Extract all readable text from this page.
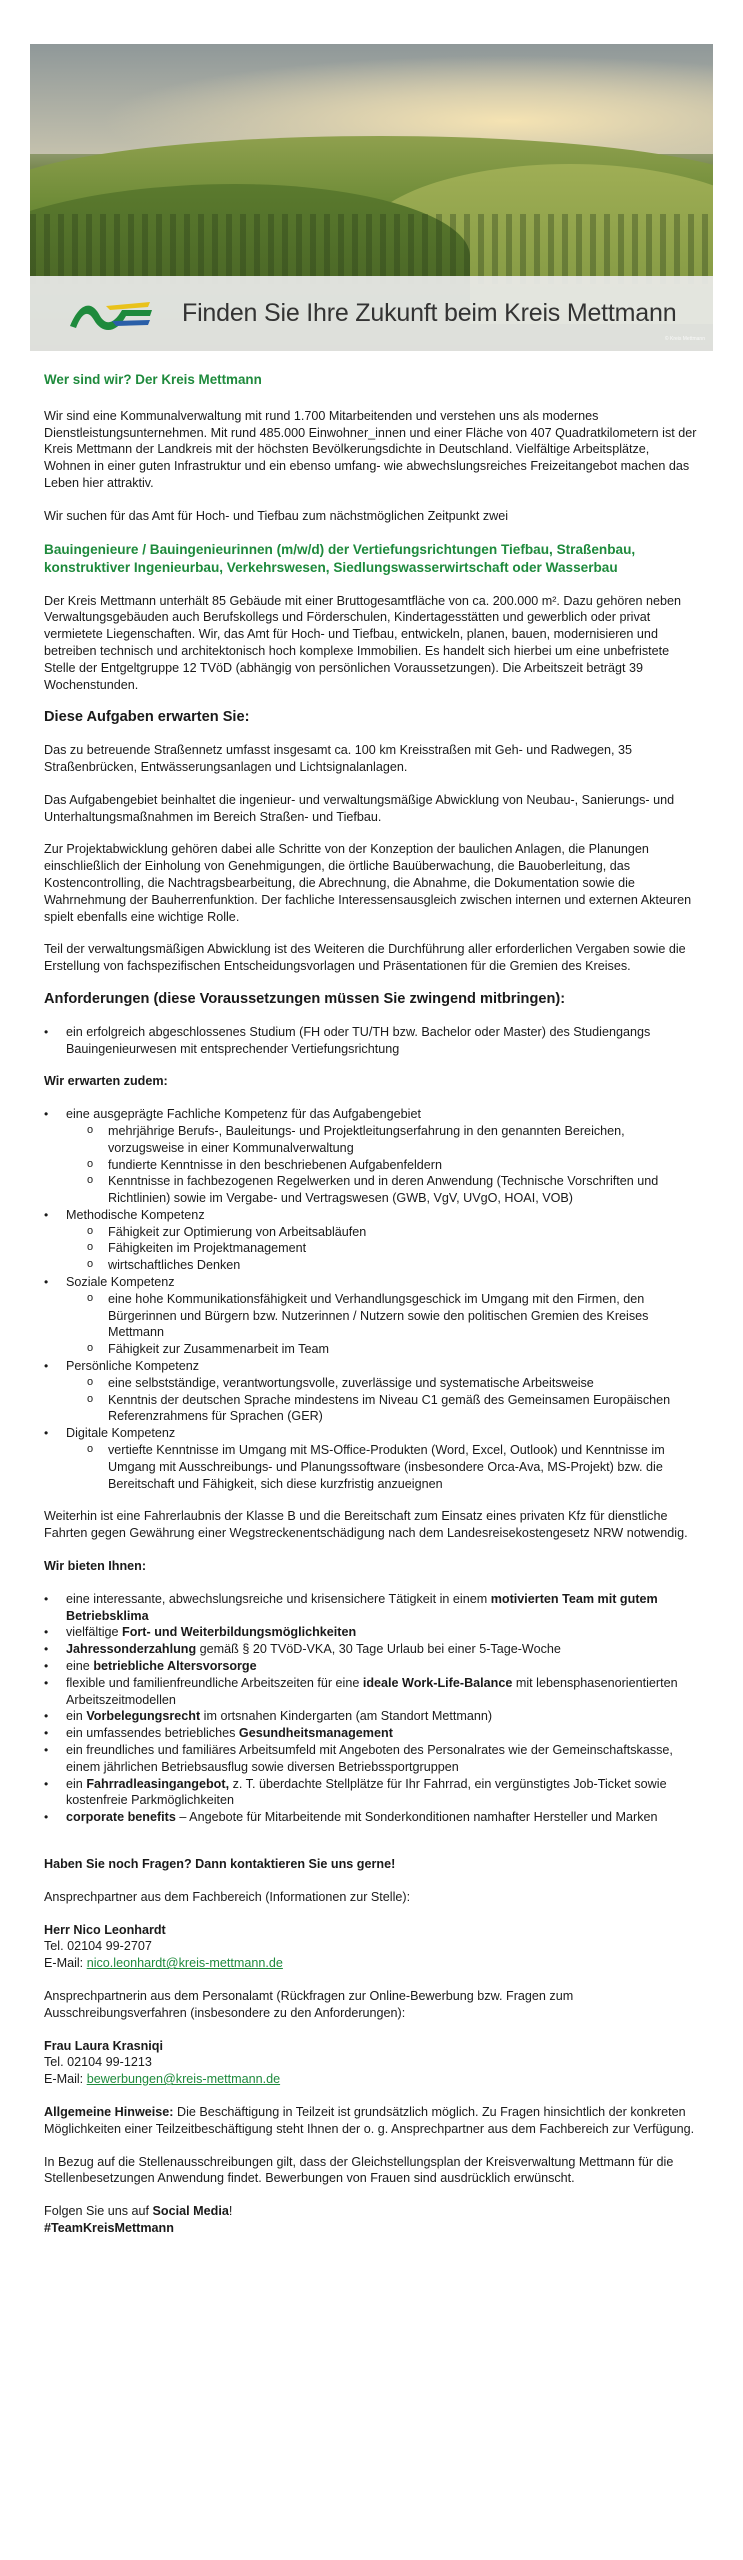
Finden Sie Ihre Zukunft beim Kreis Mettmann
© Kreis Mettmann

Wer sind wir? Der Kreis Mettmann

Wir sind eine Kommunalverwaltung mit rund 1.700 Mitarbeitenden und verstehen uns als modernes Dienstleistungsunternehmen. Mit rund 485.000 Einwohner_innen und einer Fläche von 407 Quadratkilometern ist der Kreis Mettmann der Landkreis mit der höchsten Bevölkerungsdichte in Deutschland. Vielfältige Arbeitsplätze, Wohnen in einer guten Infrastruktur und ein ebenso umfang- wie abwechslungsreiches Freizeitangebot machen das Leben hier attraktiv.

Wir suchen für das Amt für Hoch- und Tiefbau zum nächstmöglichen Zeitpunkt zwei

Bauingenieure / Bauingenieurinnen (m/w/d) der Vertiefungsrichtungen Tiefbau, Straßenbau, konstruktiver Ingenieurbau, Verkehrswesen, Siedlungswasserwirtschaft oder Wasserbau

Der Kreis Mettmann unterhält 85 Gebäude mit einer Bruttogesamtfläche von ca. 200.000 m². Dazu gehören neben Verwaltungsgebäuden auch Berufskollegs und Förderschulen, Kindertagesstätten und gewerblich oder privat vermietete Liegenschaften. Wir, das Amt für Hoch- und Tiefbau, entwickeln, planen, bauen, modernisieren und betreiben technisch und architektonisch hoch komplexe Immobilien. Es handelt sich hierbei um eine unbefristete Stelle der Entgeltgruppe 12 TVöD (abhängig von persönlichen Voraussetzungen). Die Arbeitszeit beträgt 39 Wochenstunden.

Diese Aufgaben erwarten Sie:

Das zu betreuende Straßennetz umfasst insgesamt ca. 100 km Kreisstraßen mit Geh- und Radwegen, 35 Straßenbrücken, Entwässerungsanlagen und Lichtsignalanlagen.

Das Aufgabengebiet beinhaltet die ingenieur- und verwaltungsmäßige Abwicklung von Neubau-, Sanierungs- und Unterhaltungsmaßnahmen im Bereich Straßen- und Tiefbau.

Zur Projektabwicklung gehören dabei alle Schritte von der Konzeption der baulichen Anlagen, die Planungen einschließlich der Einholung von Genehmigungen, die örtliche Bauüberwachung, die Bauoberleitung, das Kostencontrolling, die Nachtragsbearbeitung, die Abrechnung, die Abnahme, die Dokumentation sowie die Wahrnehmung der Bauherrenfunktion. Der fachliche Interessensausgleich zwischen internen und externen Akteuren spielt ebenfalls eine wichtige Rolle.

Teil der verwaltungsmäßigen Abwicklung ist des Weiteren die Durchführung aller erforderlichen Vergaben sowie die Erstellung von fachspezifischen Entscheidungsvorlagen und Präsentationen für die Gremien des Kreises.

Anforderungen (diese Voraussetzungen müssen Sie zwingend mitbringen):

• ein erfolgreich abgeschlossenes Studium (FH oder TU/TH bzw. Bachelor oder Master) des Studiengangs Bauingenieurwesen mit entsprechender Vertiefungsrichtung

Wir erwarten zudem:

• eine ausgeprägte Fachliche Kompetenz für das Aufgabengebiet
o mehrjährige Berufs-, Bauleitungs- und Projektleitungserfahrung in den genannten Bereichen, vorzugsweise in einer Kommunalverwaltung
o fundierte Kenntnisse in den beschriebenen Aufgabenfeldern
o Kenntnisse in fachbezogenen Regelwerken und in deren Anwendung (Technische Vorschriften und Richtlinien) sowie im Vergabe- und Vertragswesen (GWB, VgV, UVgO, HOAI, VOB)
• Methodische Kompetenz
o Fähigkeit zur Optimierung von Arbeitsabläufen
o Fähigkeiten im Projektmanagement
o wirtschaftliches Denken
• Soziale Kompetenz
o eine hohe Kommunikationsfähigkeit und Verhandlungsgeschick im Umgang mit den Firmen, den Bürgerinnen und Bürgern bzw. Nutzerinnen / Nutzern sowie den politischen Gremien des Kreises Mettmann
o Fähigkeit zur Zusammenarbeit im Team
• Persönliche Kompetenz
o eine selbstständige, verantwortungsvolle, zuverlässige und systematische Arbeitsweise
o Kenntnis der deutschen Sprache mindestens im Niveau C1 gemäß des Gemeinsamen Europäischen Referenzrahmens für Sprachen (GER)
• Digitale Kompetenz
o vertiefte Kenntnisse im Umgang mit MS-Office-Produkten (Word, Excel, Outlook) und Kenntnisse im Umgang mit Ausschreibungs- und Planungssoftware (insbesondere Orca-Ava, MS-Projekt) bzw. die Bereitschaft und Fähigkeit, sich diese kurzfristig anzueignen

Weiterhin ist eine Fahrerlaubnis der Klasse B und die Bereitschaft zum Einsatz eines privaten Kfz für dienstliche Fahrten gegen Gewährung einer Wegstreckenentschädigung nach dem Landesreisekostengesetz NRW notwendig.

Wir bieten Ihnen:

• eine interessante, abwechslungsreiche und krisensichere Tätigkeit in einem motivierten Team mit gutem Betriebsklima
• vielfältige Fort- und Weiterbildungsmöglichkeiten
• Jahressonderzahlung gemäß § 20 TVöD-VKA, 30 Tage Urlaub bei einer 5-Tage-Woche
• eine betriebliche Altersvorsorge
• flexible und familienfreundliche Arbeitszeiten für eine ideale Work-Life-Balance mit lebensphasenorientierten Arbeitszeitmodellen
• ein Vorbelegungsrecht im ortsnahen Kindergarten (am Standort Mettmann)
• ein umfassendes betriebliches Gesundheitsmanagement
• ein freundliches und familiäres Arbeitsumfeld mit Angeboten des Personalrates wie der Gemeinschaftskasse, einem jährlichen Betriebsausflug sowie diversen Betriebssportgruppen
• ein Fahrradleasingangebot, z. T. überdachte Stellplätze für Ihr Fahrrad, ein vergünstigtes Job-Ticket sowie kostenfreie Parkmöglichkeiten
• corporate benefits – Angebote für Mitarbeitende mit Sonderkonditionen namhafter Hersteller und Marken

Haben Sie noch Fragen? Dann kontaktieren Sie uns gerne!

Ansprechpartner aus dem Fachbereich (Informationen zur Stelle):

Herr Nico Leonhardt

Tel. 02104 99-2707

E-Mail: nico.leonhardt@kreis-mettmann.de

Ansprechpartnerin aus dem Personalamt (Rückfragen zur Online-Bewerbung bzw. Fragen zum Ausschreibungsverfahren (insbesondere zu den Anforderungen):

Frau Laura Krasniqi

Tel. 02104 99-1213

E-Mail: bewerbungen@kreis-mettmann.de

Allgemeine Hinweise: Die Beschäftigung in Teilzeit ist grundsätzlich möglich. Zu Fragen hinsichtlich der konkreten Möglichkeiten einer Teilzeitbeschäftigung steht Ihnen der o. g. Ansprechpartner aus dem Fachbereich zur Verfügung.

In Bezug auf die Stellenausschreibungen gilt, dass der Gleichstellungsplan der Kreisverwaltung Mettmann für die Stellenbesetzungen Anwendung findet. Bewerbungen von Frauen sind ausdrücklich erwünscht.

Folgen Sie uns auf Social Media!

#TeamKreisMettmann
